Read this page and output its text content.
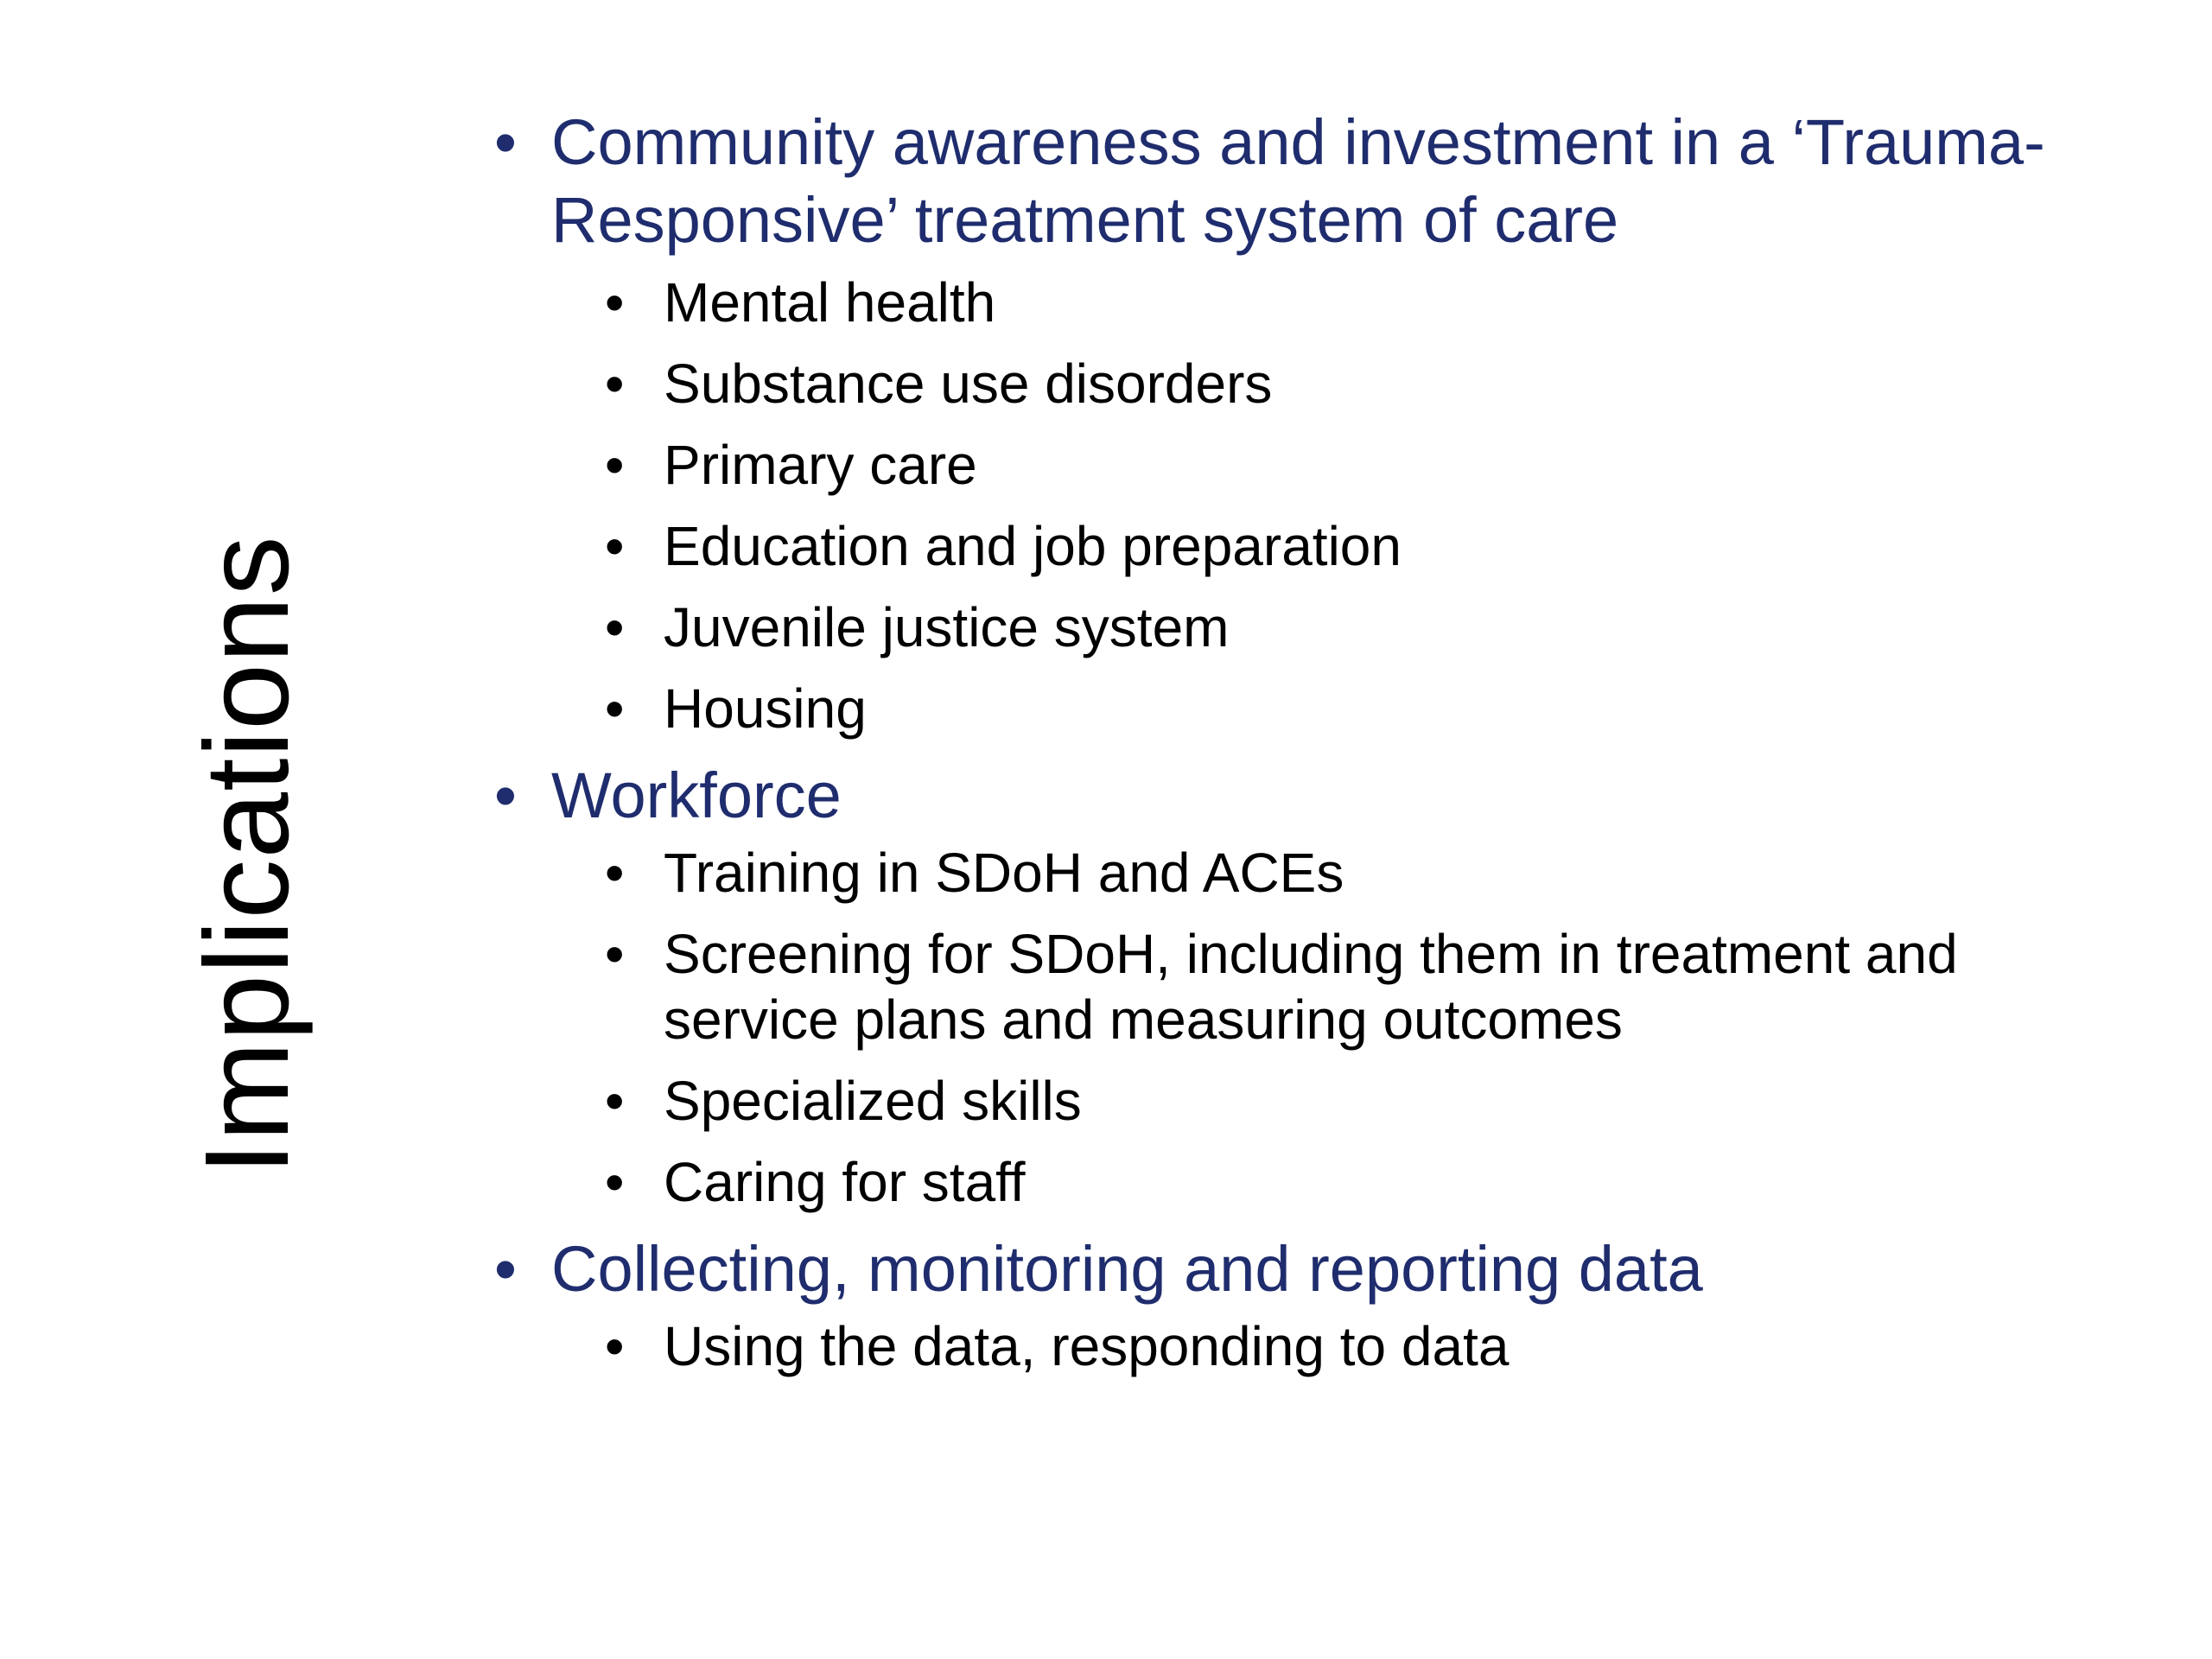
Implications
• Community awareness and investment in a ‘Trauma-Responsive’ treatment system of care
• Mental health
• Substance use disorders
• Primary care
• Education and job preparation
• Juvenile justice system
• Housing
• Workforce
• Training in SDoH and ACEs
• Screening for SDoH, including them in treatment and service plans and measuring outcomes
• Specialized skills
• Caring for staff
• Collecting, monitoring and reporting data
• Using the data, responding to data
